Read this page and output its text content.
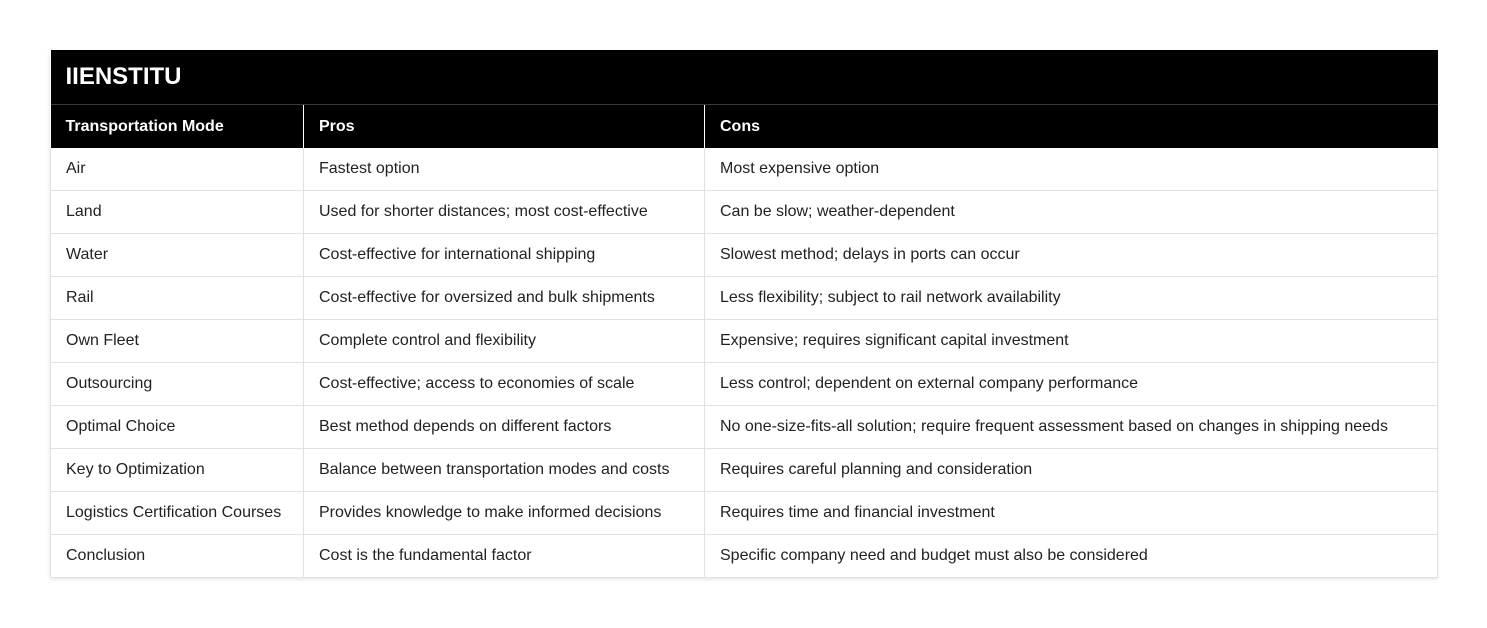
IIENSTITU		
Transportation Mode	Pros	Cons
Air	Fastest option	Most expensive option
Land	Used for shorter distances; most cost-effective	Can be slow; weather-dependent
Water	Cost-effective for international shipping	Slowest method; delays in ports can occur
Rail	Cost-effective for oversized and bulk shipments	Less flexibility; subject to rail network availability
Own Fleet	Complete control and flexibility	Expensive; requires significant capital investment
Outsourcing	Cost-effective; access to economies of scale	Less control; dependent on external company performance
Optimal Choice	Best method depends on different factors	No one-size-fits-all solution; require frequent assessment based on changes in shipping needs
Key to Optimization	Balance between transportation modes and costs	Requires careful planning and consideration
Logistics Certification Courses	Provides knowledge to make informed decisions	Requires time and financial investment
Conclusion	Cost is the fundamental factor	Specific company need and budget must also be considered
